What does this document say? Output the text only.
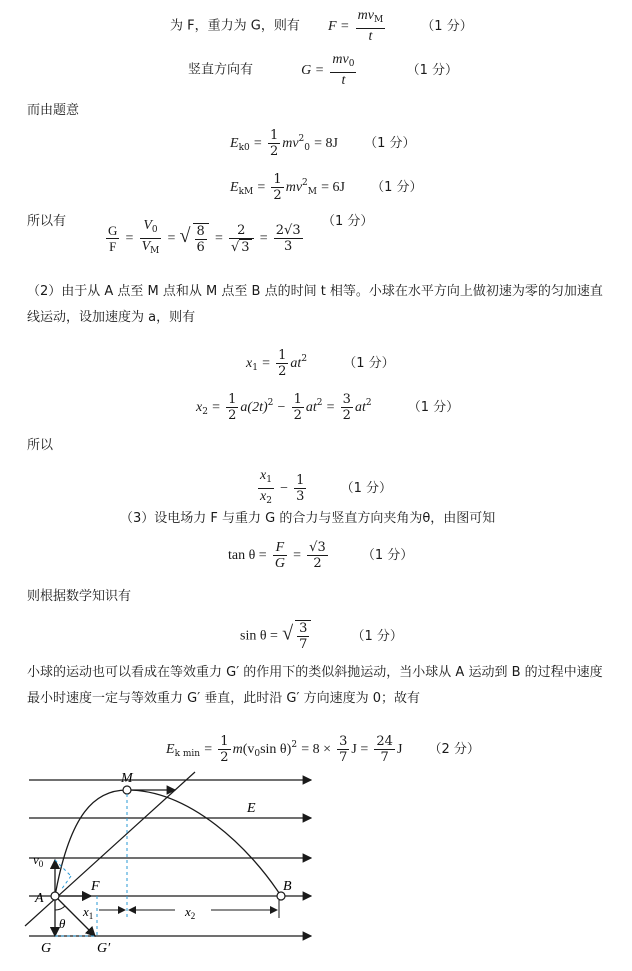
为 F，重力为 G，则有 $F = \frac{mv_M}{t}$	（1 分）
竖直方向有	$G = \frac{mv_0}{t}$	（1 分）
而由题意
$E_{k0} = \frac{1}{2} mv^2_0 = 8J$ （1 分）
$E_{kM} = \frac{1}{2} mv^2_M = 6J$ （1 分）
所以有
$\frac{G}{F} = \frac{V_0}{V_M}$ = √ $\frac{8}{6} = \frac{2}{√ 3} = \frac{2√3}{3}$
（1 分）
（2）由于从 A 点至 M 点和从 M 点至 B 点的时间 t 相等。小球在水平方向上做初速为零的匀加速直线运动，设加速度为 a，则有
$x_1 = \frac{1}{2} at^2$	（1 分）
$x_2 = \frac{1}{2} a(2t)^2 - \frac{1}{2} at^2 = \frac{3}{2} at^2$	（1 分）
所以
$\frac{x_1}{x_2} - \frac{1}{3}$	（1 分）
（3）设电场力 F 与重力 G 的合力与竖直方向夹角为θ，由图可知
$\tan \theta = \frac{F}{G} = \frac{√3}{2}$	（1 分）
则根据数学知识有
sin θ = √ $\frac{3}{7}$	（1 分）
小球的运动也可以看成在等效重力 G′ 的作用下的类似斜抛运动，当小球从 A 运动到 B 的过程中速度最小时速度一定与等效重力 G′ 垂直，此时沿 G′ 方向速度为 0；故有
$E_{k min} = \frac{1}{2} m(v_0\sin$ $\theta)^2 = 8 \times \frac{3}{7}$ $J = \frac{24}{7}$ J （2 分）
M
E
$v_0$
A
F
$x_1$	$x_2$
B
θ
G	G′
